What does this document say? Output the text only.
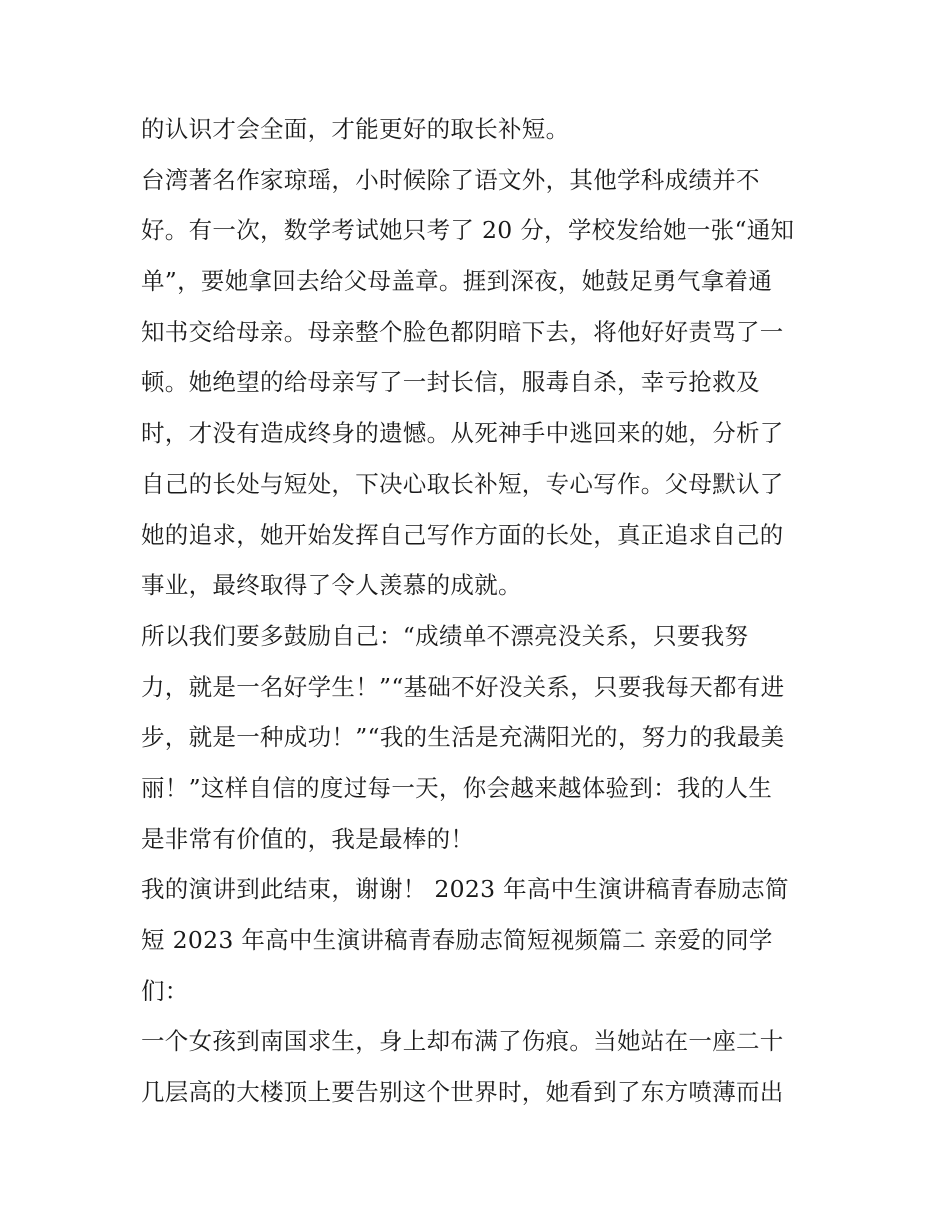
的认识才会全面，才能更好的取长补短。
台湾著名作家琼瑶，小时候除了语文外，其他学科成绩并不
好。有一次，数学考试她只考了 20 分，学校发给她一张“通知
单”，要她拿回去给父母盖章。捱到深夜，她鼓足勇气拿着通
知书交给母亲。母亲整个脸色都阴暗下去，将他好好责骂了一
顿。她绝望的给母亲写了一封长信，服毒自杀，幸亏抢救及
时，才没有造成终身的遗憾。从死神手中逃回来的她，分析了
自己的长处与短处，下决心取长补短，专心写作。父母默认了
她的追求，她开始发挥自己写作方面的长处，真正追求自己的
事业，最终取得了令人羡慕的成就。
所以我们要多鼓励自己：“成绩单不漂亮没关系，只要我努
力，就是一名好学生！”“基础不好没关系，只要我每天都有进
步，就是一种成功！”“我的生活是充满阳光的，努力的我最美
丽！”这样自信的度过每一天，你会越来越体验到：我的人生
是非常有价值的，我是最棒的！
我的演讲到此结束，谢谢！ 2023 年高中生演讲稿青春励志简
短 2023 年高中生演讲稿青春励志简短视频篇二 亲爱的同学
们：
一个女孩到南国求生，身上却布满了伤痕。当她站在一座二十
几层高的大楼顶上要告别这个世界时，她看到了东方喷薄而出
